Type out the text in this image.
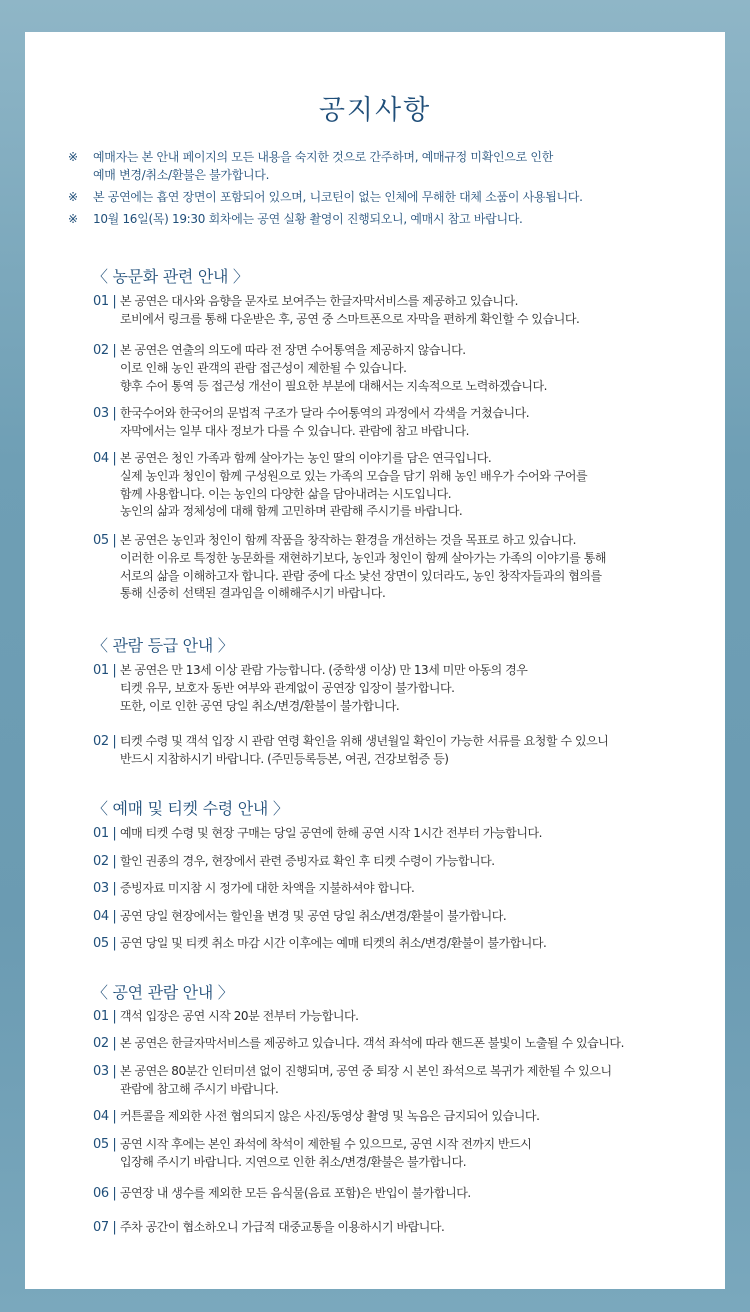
공지사항
※ 예매자는 본 안내 페이지의 모든 내용을 숙지한 것으로 간주하며, 예매규정 미확인으로 인한
예매 변경/취소/환불은 불가합니다.
※ 본 공연에는 흡연 장면이 포함되어 있으며, 니코틴이 없는 인체에 무해한 대체 소품이 사용됩니다.
※ 10월 16일(목) 19:30 회차에는 공연 실황 촬영이 진행되오니, 예매시 참고 바랍니다.
〈 농문화 관련 안내 〉
01 | 본 공연은 대사와 음향을 문자로 보여주는 한글자막서비스를 제공하고 있습니다.
로비에서 링크를 통해 다운받은 후, 공연 중 스마트폰으로 자막을 편하게 확인할 수 있습니다.
02 | 본 공연은 연출의 의도에 따라 전 장면 수어통역을 제공하지 않습니다.
이로 인해 농인 관객의 관람 접근성이 제한될 수 있습니다.
향후 수어 통역 등 접근성 개선이 필요한 부분에 대해서는 지속적으로 노력하겠습니다.
03 | 한국수어와 한국어의 문법적 구조가 달라 수어통역의 과정에서 각색을 거쳤습니다.
자막에서는 일부 대사 정보가 다를 수 있습니다. 관람에 참고 바랍니다.
04 | 본 공연은 청인 가족과 함께 살아가는 농인 딸의 이야기를 담은 연극입니다.
실제 농인과 청인이 함께 구성원으로 있는 가족의 모습을 담기 위해 농인 배우가 수어와 구어를
함께 사용합니다. 이는 농인의 다양한 삶을 담아내려는 시도입니다.
농인의 삶과 정체성에 대해 함께 고민하며 관람해 주시기를 바랍니다.
05 | 본 공연은 농인과 청인이 함께 작품을 창작하는 환경을 개선하는 것을 목표로 하고 있습니다.
이러한 이유로 특정한 농문화를 재현하기보다, 농인과 청인이 함께 살아가는 가족의 이야기를 통해
서로의 삶을 이해하고자 합니다. 관람 중에 다소 낯선 장면이 있더라도, 농인 창작자들과의 협의를
통해 신중히 선택된 결과임을 이해해주시기 바랍니다.
〈 관람 등급 안내 〉
01 | 본 공연은 만 13세 이상 관람 가능합니다. (중학생 이상) 만 13세 미만 아동의 경우
티켓 유무, 보호자 동반 여부와 관계없이 공연장 입장이 불가합니다.
또한, 이로 인한 공연 당일 취소/변경/환불이 불가합니다.
02 | 티켓 수령 및 객석 입장 시 관람 연령 확인을 위해 생년월일 확인이 가능한 서류를 요청할 수 있으니
반드시 지참하시기 바랍니다. (주민등록등본, 여권, 건강보험증 등)
〈 예매 및 티켓 수령 안내 〉
01 | 예매 티켓 수령 및 현장 구매는 당일 공연에 한해 공연 시작 1시간 전부터 가능합니다.
02 | 할인 권종의 경우, 현장에서 관련 증빙자료 확인 후 티켓 수령이 가능합니다.
03 | 증빙자료 미지참 시 정가에 대한 차액을 지불하셔야 합니다.
04 | 공연 당일 현장에서는 할인율 변경 및 공연 당일 취소/변경/환불이 불가합니다.
05 | 공연 당일 및 티켓 취소 마감 시간 이후에는 예매 티켓의 취소/변경/환불이 불가합니다.
〈 공연 관람 안내 〉
01 | 객석 입장은 공연 시작 20분 전부터 가능합니다.
02 | 본 공연은 한글자막서비스를 제공하고 있습니다. 객석 좌석에 따라 핸드폰 불빛이 노출될 수 있습니다.
03 | 본 공연은 80분간 인터미션 없이 진행되며, 공연 중 퇴장 시 본인 좌석으로 복귀가 제한될 수 있으니
관람에 참고해 주시기 바랍니다.
04 | 커튼콜을 제외한 사전 협의되지 않은 사진/동영상 촬영 및 녹음은 금지되어 있습니다.
05 | 공연 시작 후에는 본인 좌석에 착석이 제한될 수 있으므로, 공연 시작 전까지 반드시
입장해 주시기 바랍니다. 지연으로 인한 취소/변경/환불은 불가합니다.
06 | 공연장 내 생수를 제외한 모든 음식물(음료 포함)은 반입이 불가합니다.
07 | 주차 공간이 협소하오니 가급적 대중교통을 이용하시기 바랍니다.
